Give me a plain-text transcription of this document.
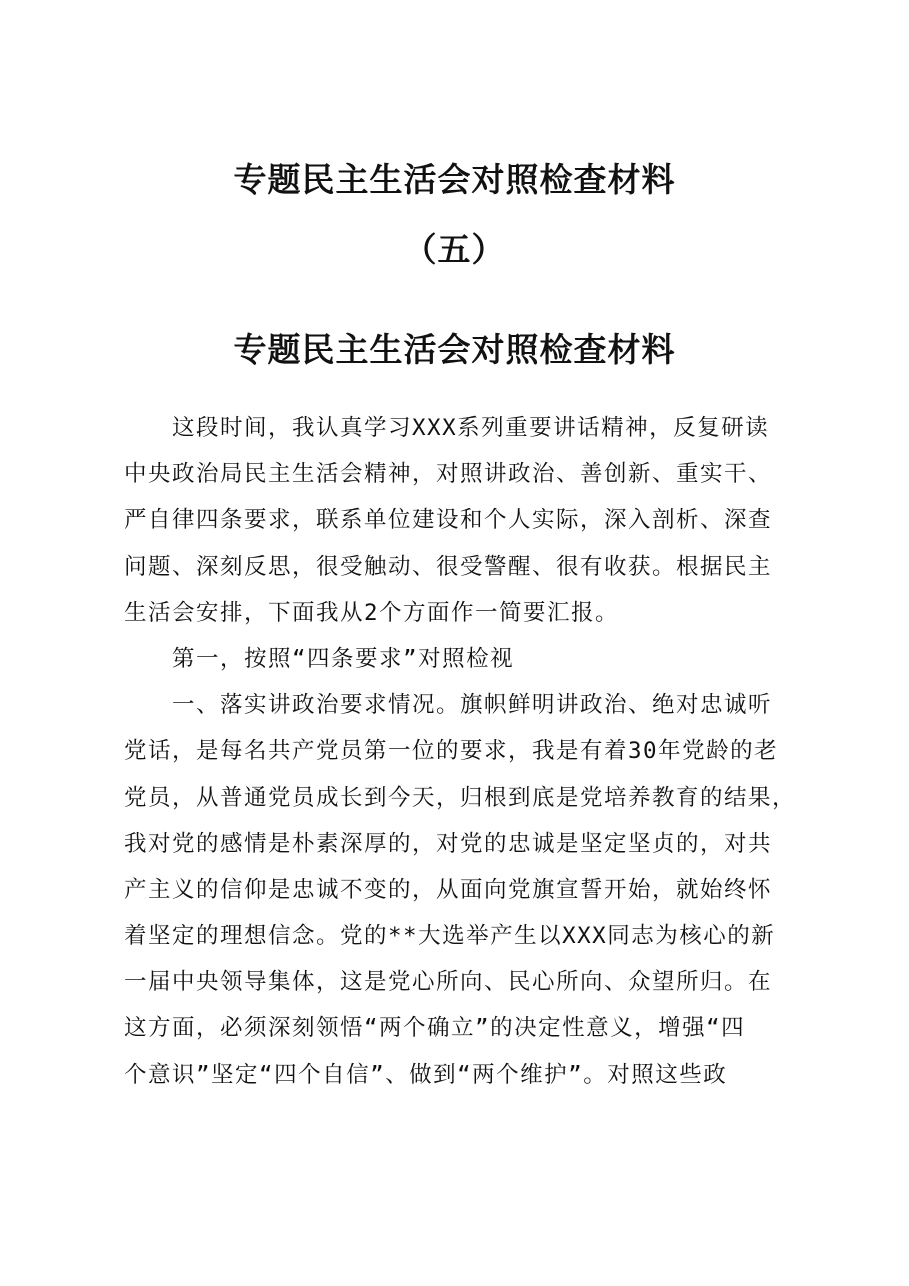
专题民主生活会对照检查材料
（五）
专题民主生活会对照检查材料
这段时间，我认真学习XXX系列重要讲话精神，反复研读
中央政治局民主生活会精神，对照讲政治、善创新、重实干、
严自律四条要求，联系单位建设和个人实际，深入剖析、深查
问题、深刻反思，很受触动、很受警醒、很有收获。根据民主
生活会安排，下面我从2个方面作一简要汇报。
第一，按照“四条要求”对照检视
一、落实讲政治要求情况。旗帜鲜明讲政治、绝对忠诚听
党话，是每名共产党员第一位的要求，我是有着30年党龄的老
党员，从普通党员成长到今天，归根到底是党培养教育的结果，
我对党的感情是朴素深厚的，对党的忠诚是坚定坚贞的，对共
产主义的信仰是忠诚不变的，从面向党旗宣誓开始，就始终怀
着坚定的理想信念。党的**大选举产生以XXX同志为核心的新
一届中央领导集体，这是党心所向、民心所向、众望所归。在
这方面，必须深刻领悟“两个确立”的决定性意义，增强“四
个意识”坚定“四个自信”、做到“两个维护”。对照这些政
